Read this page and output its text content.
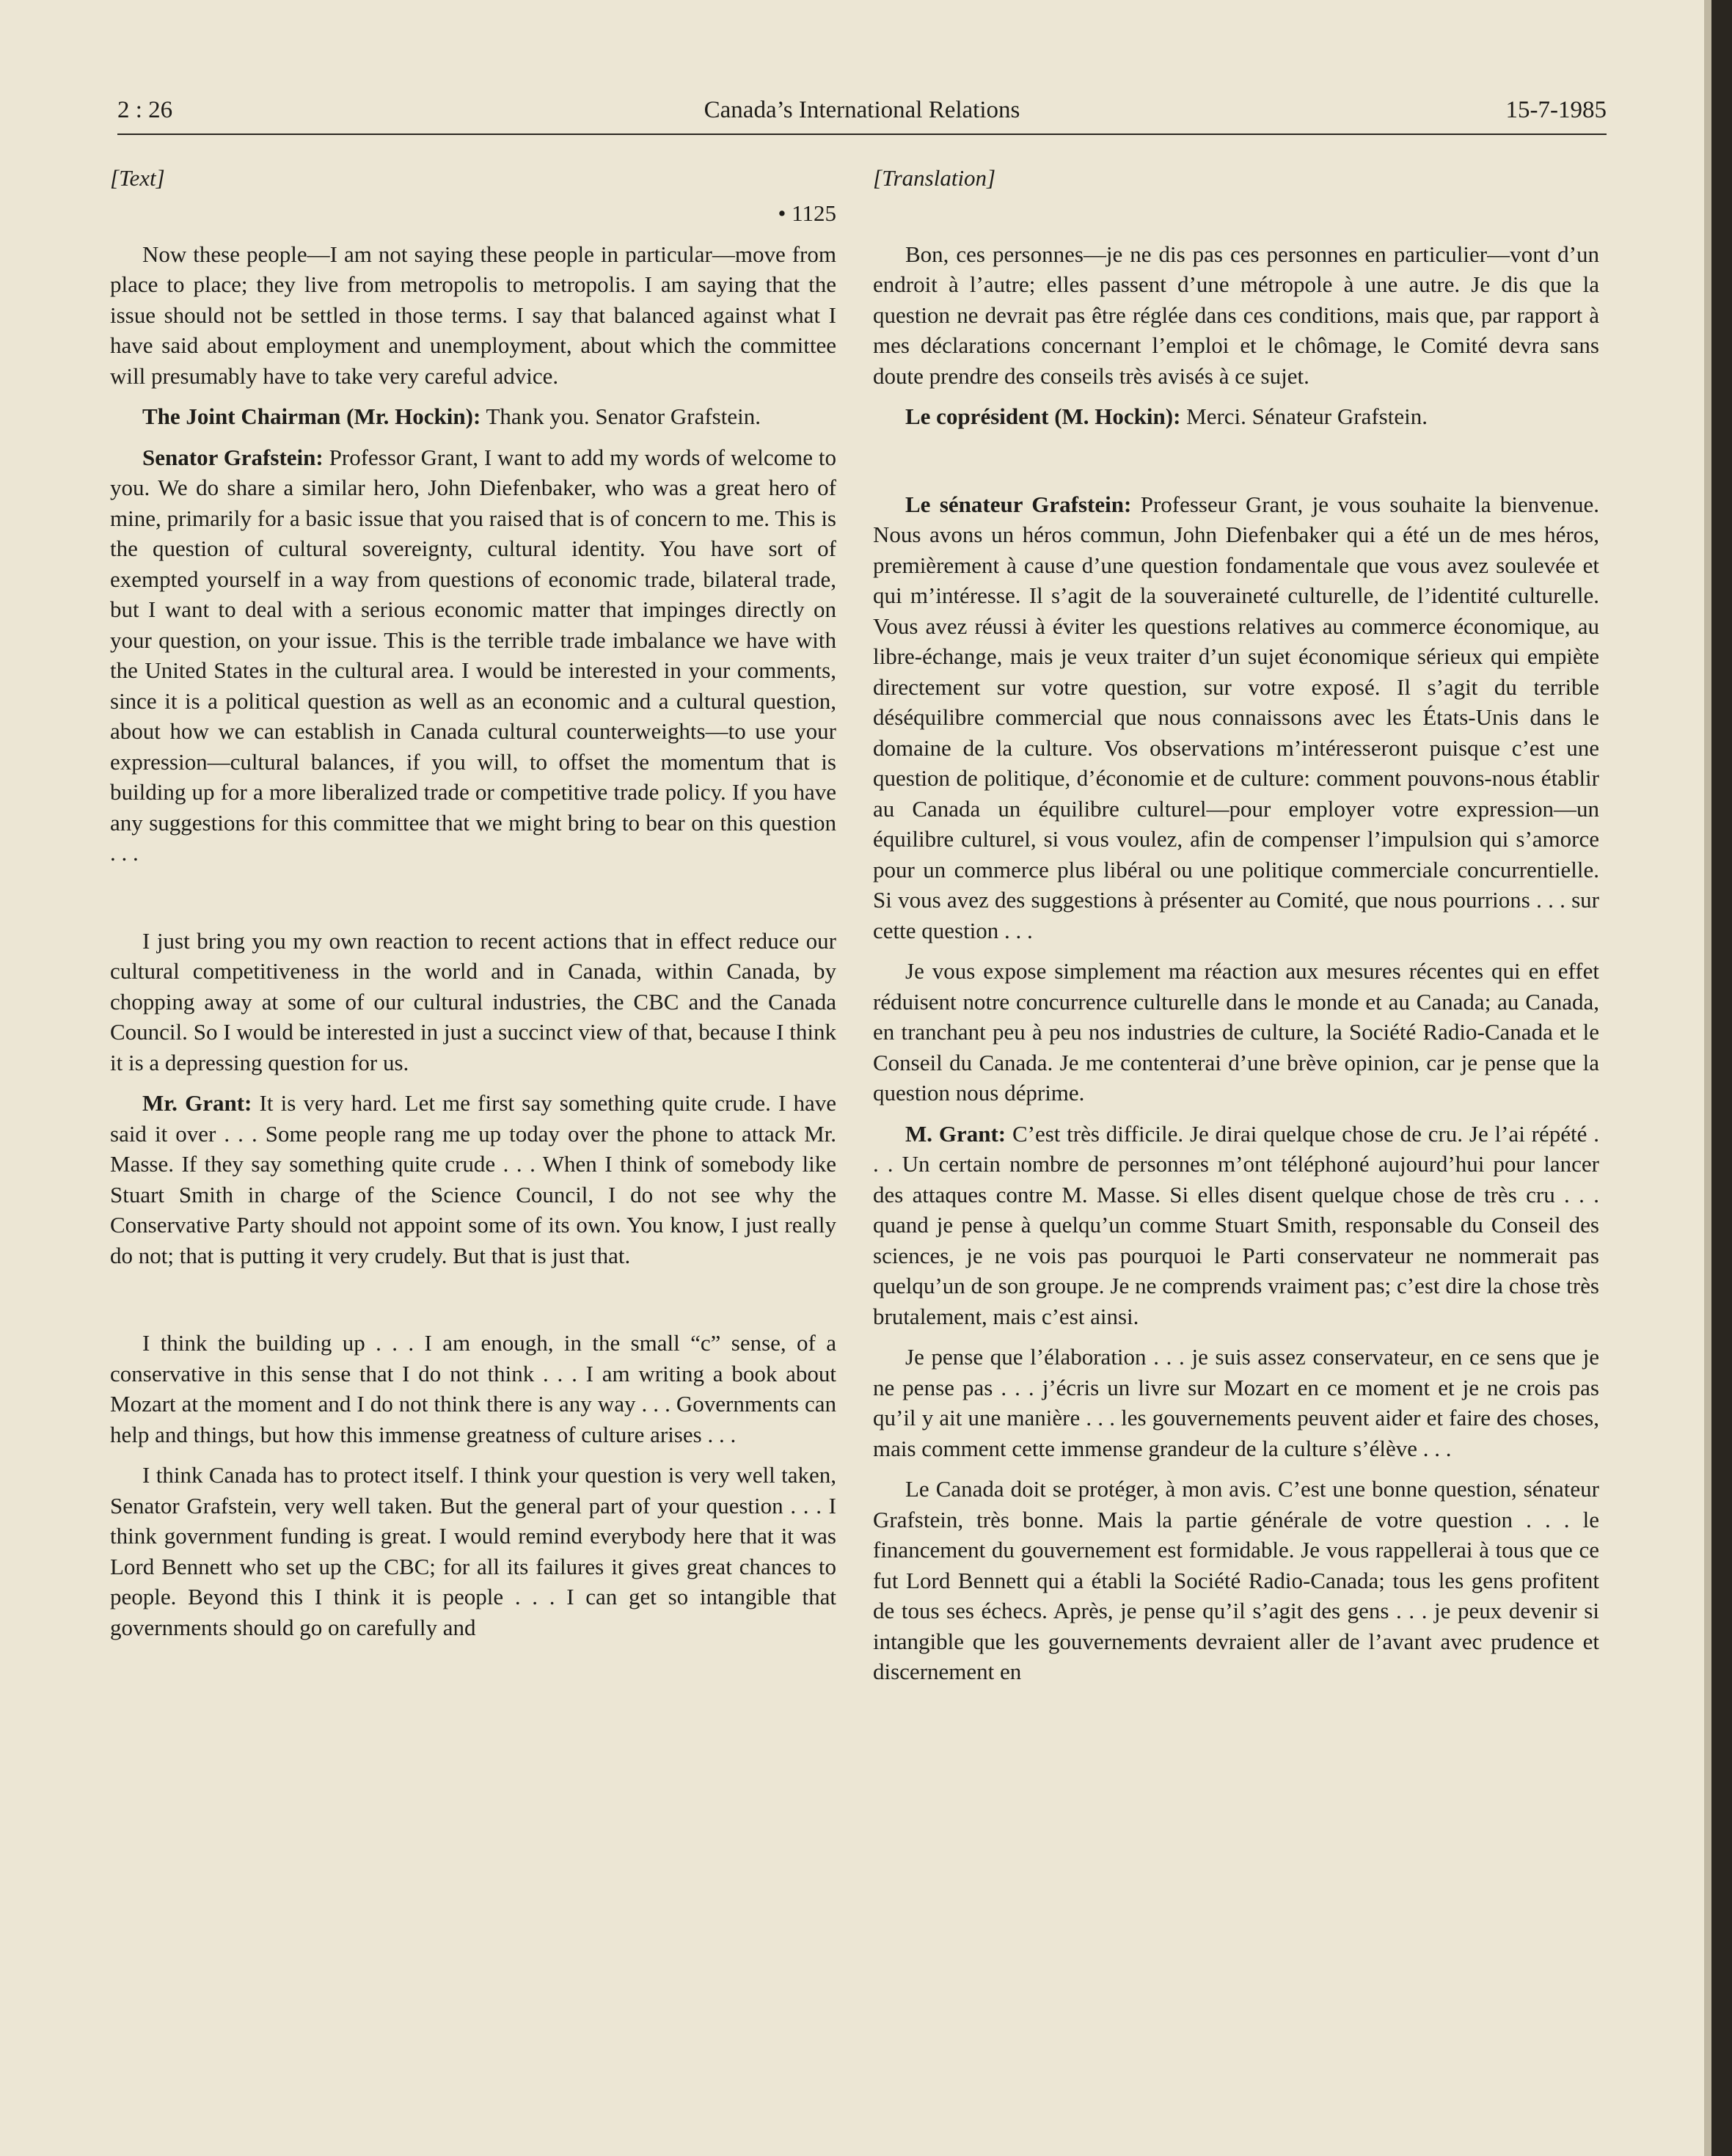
2 : 26	Canada’s International Relations	15-7-1985
[Text]
• 1125

Now these people—I am not saying these people in particular—move from place to place; they live from metropolis to metropolis. I am saying that the issue should not be settled in those terms. I say that balanced against what I have said about employment and unemployment, about which the committee will presumably have to take very careful advice.

The Joint Chairman (Mr. Hockin): Thank you. Senator Grafstein.

Senator Grafstein: Professor Grant, I want to add my words of welcome to you. We do share a similar hero, John Diefenbaker, who was a great hero of mine, primarily for a basic issue that you raised that is of concern to me. This is the question of cultural sovereignty, cultural identity. You have sort of exempted yourself in a way from questions of economic trade, bilateral trade, but I want to deal with a serious economic matter that impinges directly on your question, on your issue. This is the terrible trade imbalance we have with the United States in the cultural area. I would be interested in your comments, since it is a political question as well as an economic and a cultural question, about how we can establish in Canada cultural counterweights—to use your expression—cultural balances, if you will, to offset the momentum that is building up for a more liberalized trade or competitive trade policy. If you have any suggestions for this committee that we might bring to bear on this question . . .

I just bring you my own reaction to recent actions that in effect reduce our cultural competitiveness in the world and in Canada, within Canada, by chopping away at some of our cultural industries, the CBC and the Canada Council. So I would be interested in just a succinct view of that, because I think it is a depressing question for us.

Mr. Grant: It is very hard. Let me first say something quite crude. I have said it over . . . Some people rang me up today over the phone to attack Mr. Masse. If they say something quite crude . . . When I think of somebody like Stuart Smith in charge of the Science Council, I do not see why the Conservative Party should not appoint some of its own. You know, I just really do not; that is putting it very crudely. But that is just that.

I think the building up . . . I am enough, in the small “c” sense, of a conservative in this sense that I do not think . . . I am writing a book about Mozart at the moment and I do not think there is any way . . . Governments can help and things, but how this immense greatness of culture arises . . .

I think Canada has to protect itself. I think your question is very well taken, Senator Grafstein, very well taken. But the general part of your question . . . I think government funding is great. I would remind everybody here that it was Lord Bennett who set up the CBC; for all its failures it gives great chances to people. Beyond this I think it is people . . . I can get so intangible that governments should go on carefully and

[Translation]

Bon, ces personnes—je ne dis pas ces personnes en particulier—vont d’un endroit à l’autre; elles passent d’une métropole à une autre. Je dis que la question ne devrait pas être réglée dans ces conditions, mais que, par rapport à mes déclarations concernant l’emploi et le chômage, le Comité devra sans doute prendre des conseils très avisés à ce sujet.

Le coprésident (M. Hockin): Merci. Sénateur Grafstein.

Le sénateur Grafstein: Professeur Grant, je vous souhaite la bienvenue. Nous avons un héros commun, John Diefenbaker qui a été un de mes héros, premièrement à cause d’une question fondamentale que vous avez soulevée et qui m’intéresse. Il s’agit de la souveraineté culturelle, de l’identité culturelle. Vous avez réussi à éviter les questions relatives au commerce économique, au libre-échange, mais je veux traiter d’un sujet économique sérieux qui empiète directement sur votre question, sur votre exposé. Il s’agit du terrible déséquilibre commercial que nous connaissons avec les États-Unis dans le domaine de la culture. Vos observations m’intéresseront puisque c’est une question de politique, d’économie et de culture: comment pouvons-nous établir au Canada un équilibre culturel—pour employer votre expression—un équilibre culturel, si vous voulez, afin de compenser l’impulsion qui s’amorce pour un commerce plus libéral ou une politique commerciale concurrentielle. Si vous avez des suggestions à présenter au Comité, que nous pourrions . . . sur cette question . . .

Je vous expose simplement ma réaction aux mesures récentes qui en effet réduisent notre concurrence culturelle dans le monde et au Canada; au Canada, en tranchant peu à peu nos industries de culture, la Société Radio-Canada et le Conseil du Canada. Je me contenterai d’une brève opinion, car je pense que la question nous déprime.

M. Grant: C’est très difficile. Je dirai quelque chose de cru. Je l’ai répété . . . Un certain nombre de personnes m’ont téléphoné aujourd’hui pour lancer des attaques contre M. Masse. Si elles disent quelque chose de très cru . . . quand je pense à quelqu’un comme Stuart Smith, responsable du Conseil des sciences, je ne vois pas pourquoi le Parti conservateur ne nommerait pas quelqu’un de son groupe. Je ne comprends vraiment pas; c’est dire la chose très brutalement, mais c’est ainsi.

Je pense que l’élaboration . . . je suis assez conservateur, en ce sens que je ne pense pas . . . j’écris un livre sur Mozart en ce moment et je ne crois pas qu’il y ait une manière . . . les gouvernements peuvent aider et faire des choses, mais comment cette immense grandeur de la culture s’élève . . .

Le Canada doit se protéger, à mon avis. C’est une bonne question, sénateur Grafstein, très bonne. Mais la partie générale de votre question . . . le financement du gouvernement est formidable. Je vous rappellerai à tous que ce fut Lord Bennett qui a établi la Société Radio-Canada; tous les gens profitent de tous ses échecs. Après, je pense qu’il s’agit des gens . . . je peux devenir si intangible que les gouvernements devraient aller de l’avant avec prudence et discernement en
